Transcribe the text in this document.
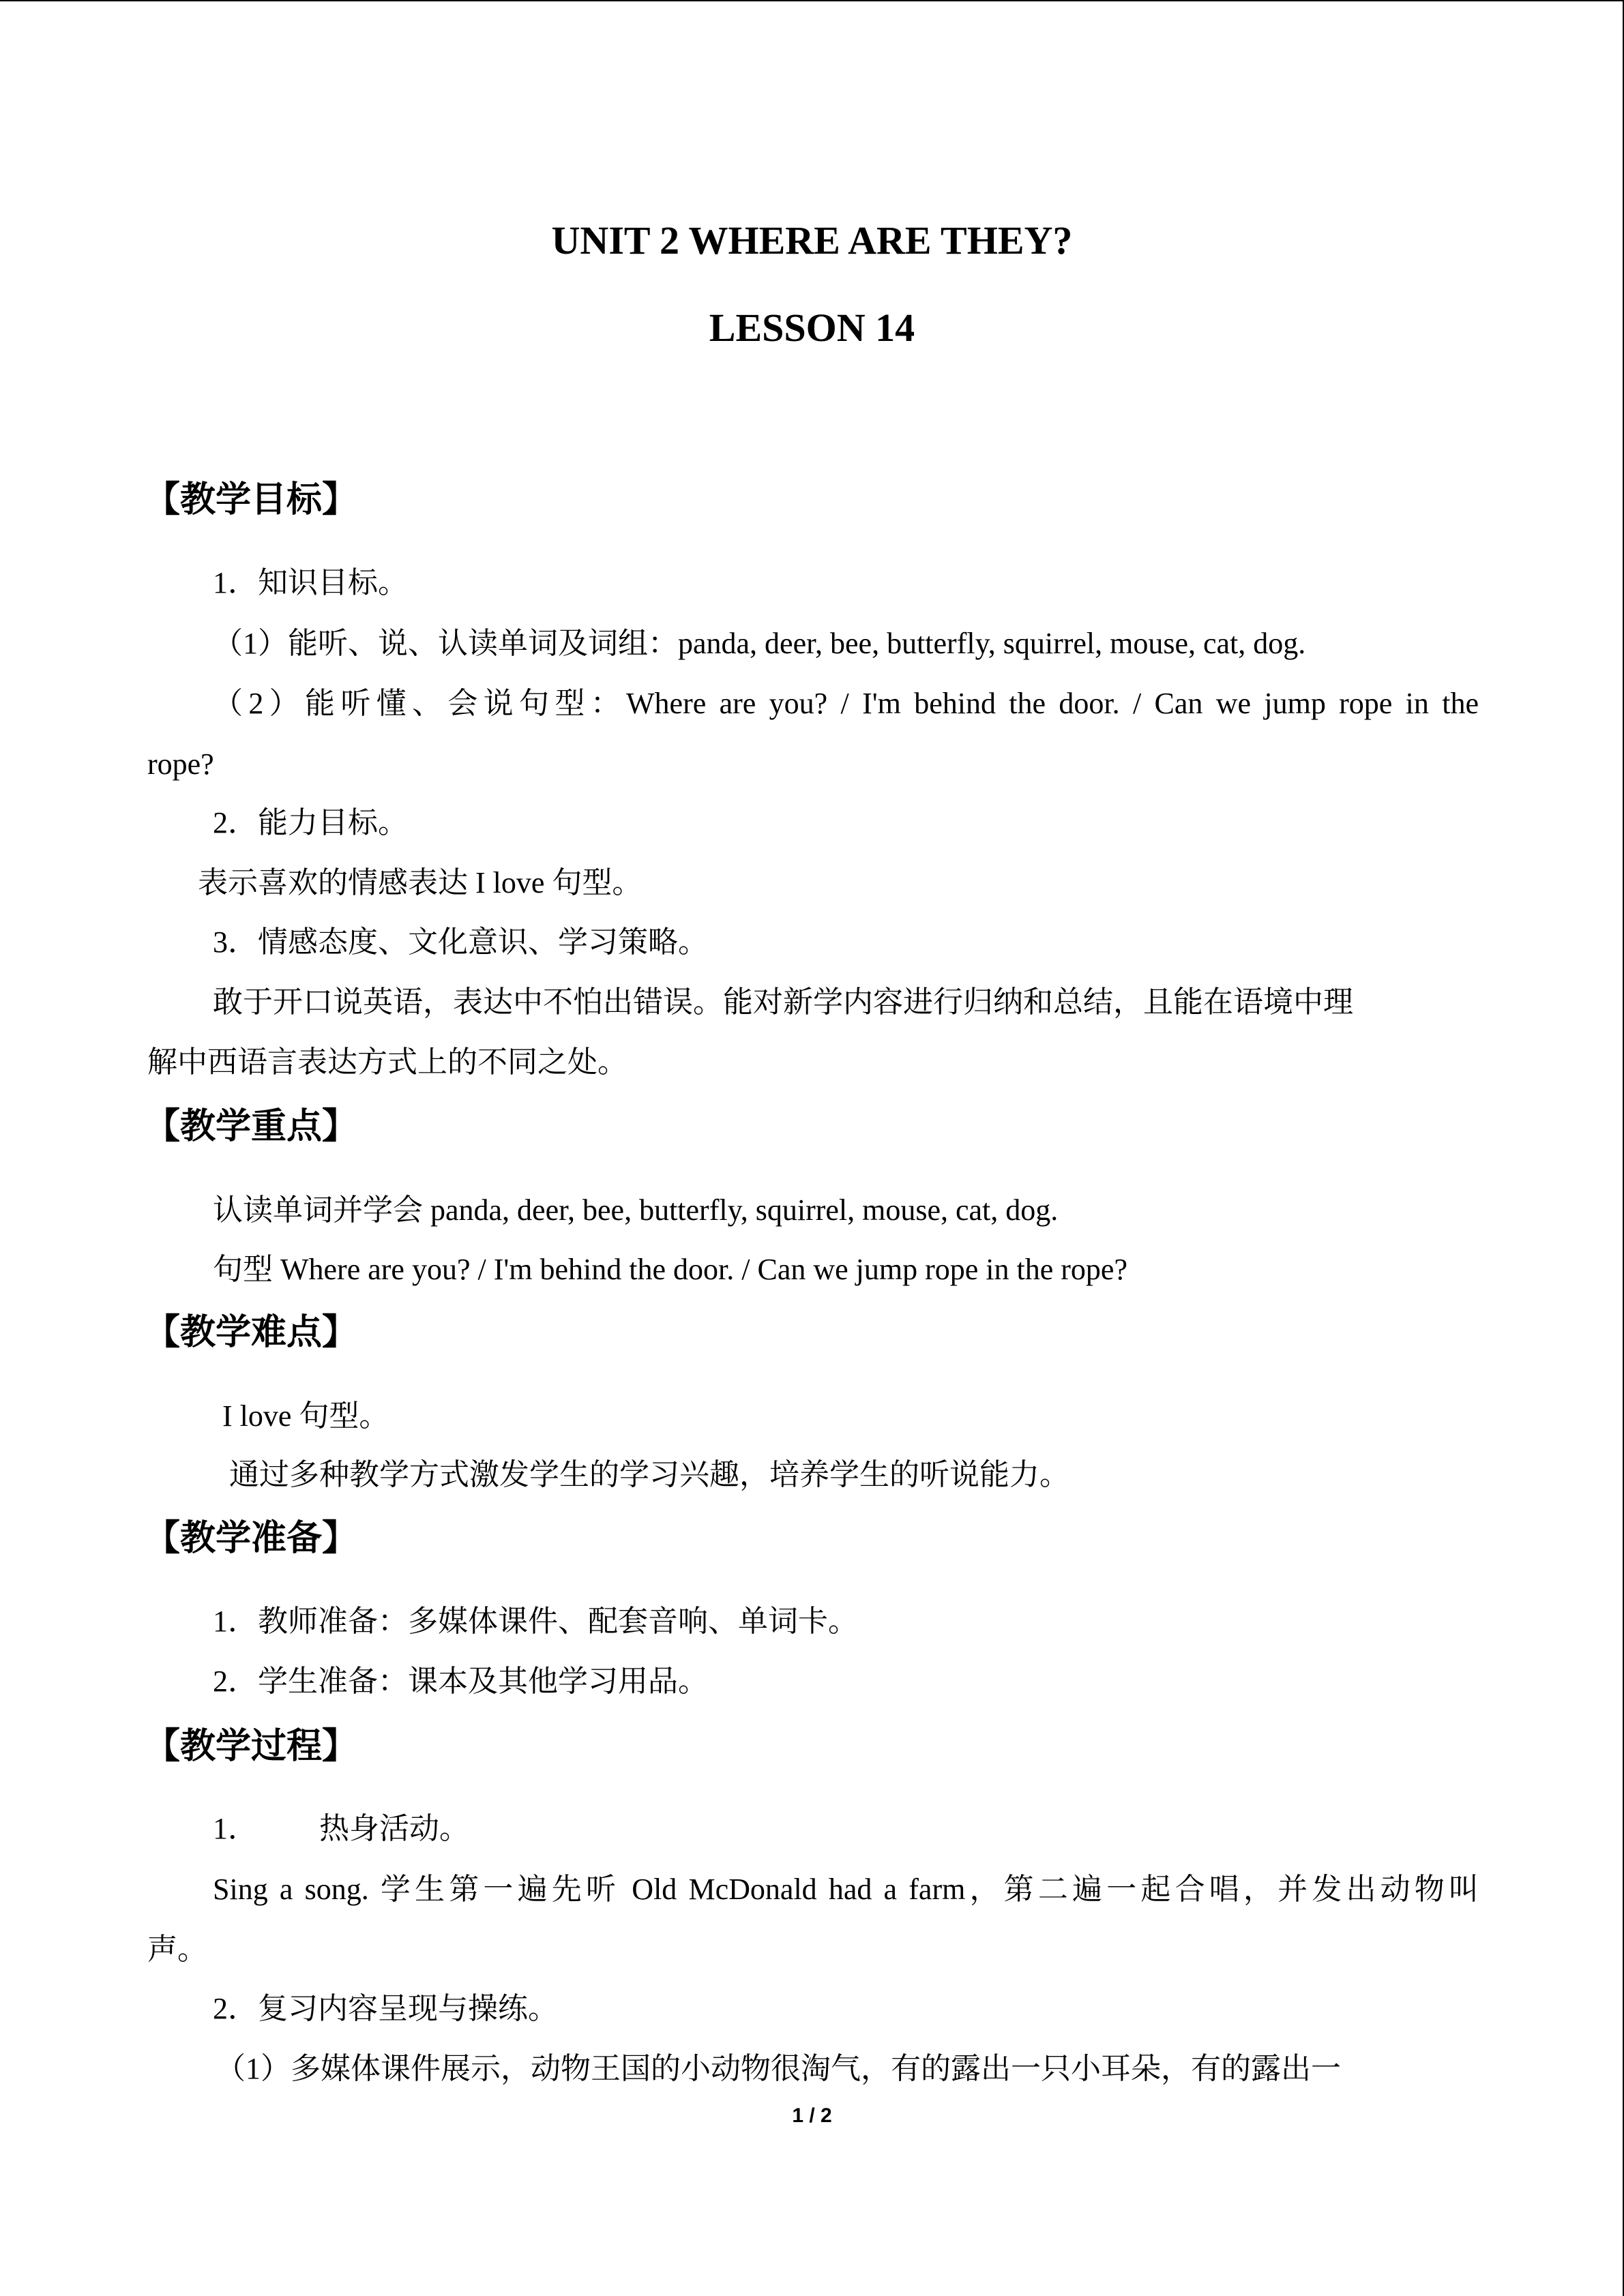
UNIT 2 WHERE ARE THEY?
LESSON 14
【教学目标】
1．知识目标。
（1）能听、说、认读单词及词组：panda, deer, bee, butterfly, squirrel, mouse, cat, dog.
（2）能听懂、会说句型：Where are you? / I'm behind the door. / Can we jump rope in the
rope?
2．能力目标。
表示喜欢的情感表达 I love 句型。
3．情感态度、文化意识、学习策略。
敢于开口说英语，表达中不怕出错误。能对新学内容进行归纳和总结，且能在语境中理
解中西语言表达方式上的不同之处。
【教学重点】
认读单词并学会 panda, deer, bee, butterfly, squirrel, mouse, cat, dog.
句型 Where are you? / I'm behind the door. / Can we jump rope in the rope?
【教学难点】
I love 句型。
通过多种教学方式激发学生的学习兴趣，培养学生的听说能力。
【教学准备】
1．教师准备：多媒体课件、配套音响、单词卡。
2．学生准备：课本及其他学习用品。
【教学过程】
1． 热身活动。
Sing a song. 学生第一遍先听 Old McDonald had a farm，第二遍一起合唱，并发出动物叫
声。
2．复习内容呈现与操练。
（1）多媒体课件展示，动物王国的小动物很淘气，有的露出一只小耳朵，有的露出一
1 / 2
